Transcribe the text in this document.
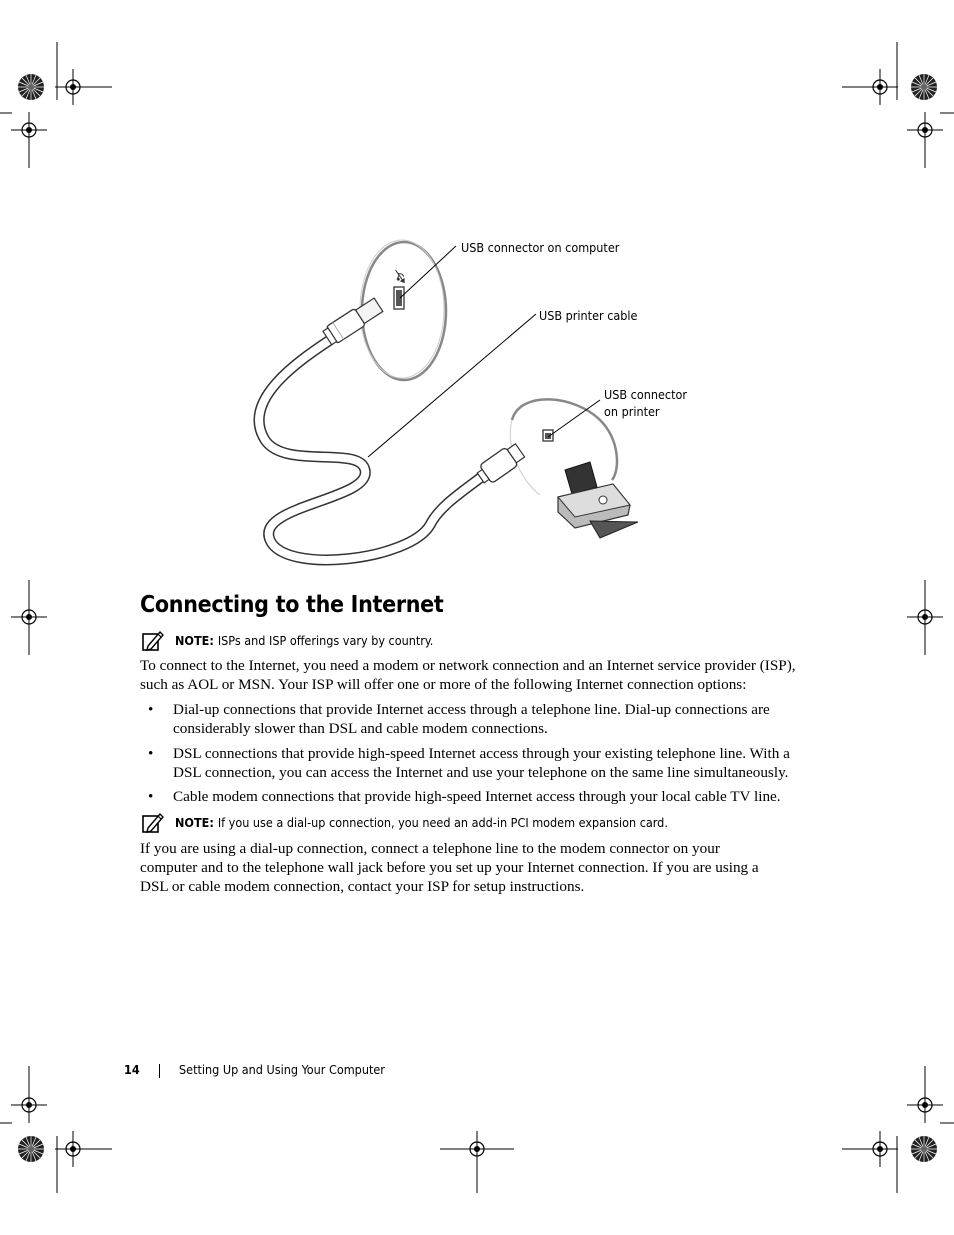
USB connector on computer
USB printer cable
USB connector
on printer
Connecting to the Internet
NOTE: ISPs and ISP offerings vary by country.
To connect to the Internet, you need a modem or network connection and an Internet service provider (ISP),
such as AOL or MSN. Your ISP will offer one or more of the following Internet connection options:
• Dial-up connections that provide Internet access through a telephone line. Dial-up connections are
considerably slower than DSL and cable modem connections.
• DSL connections that provide high-speed Internet access through your existing telephone line. With a
DSL connection, you can access the Internet and use your telephone on the same line simultaneously.
• Cable modem connections that provide high-speed Internet access through your local cable TV line.
NOTE: If you use a dial-up connection, you need an add-in PCI modem expansion card.
If you are using a dial-up connection, connect a telephone line to the modem connector on your
computer and to the telephone wall jack before you set up your Internet connection. If you are using a
DSL or cable modem connection, contact your ISP for setup instructions.
14	Setting Up and Using Your Computer
